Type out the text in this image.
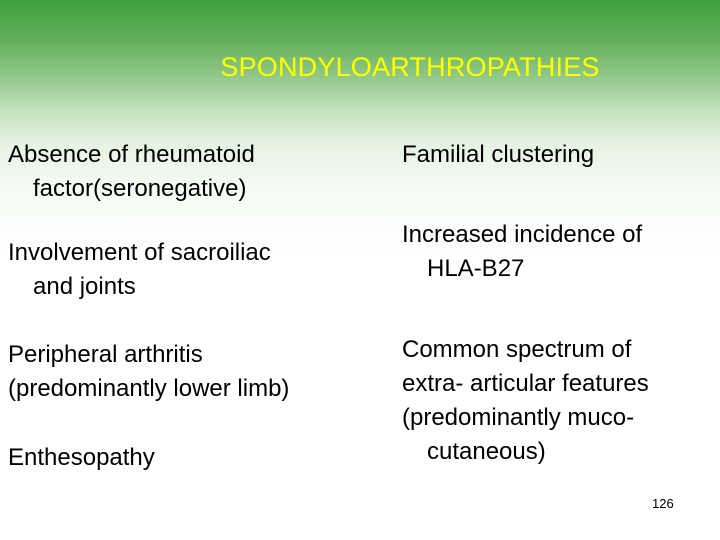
SPONDYLOARTHROPATHIES
Absence of rheumatoid
factor(seronegative)
Involvement of sacroiliac
and joints
Peripheral arthritis
(predominantly lower limb)
Enthesopathy
Familial clustering
Increased incidence of
HLA-B27
Common spectrum of
extra- articular features
(predominantly muco-
cutaneous)
126
